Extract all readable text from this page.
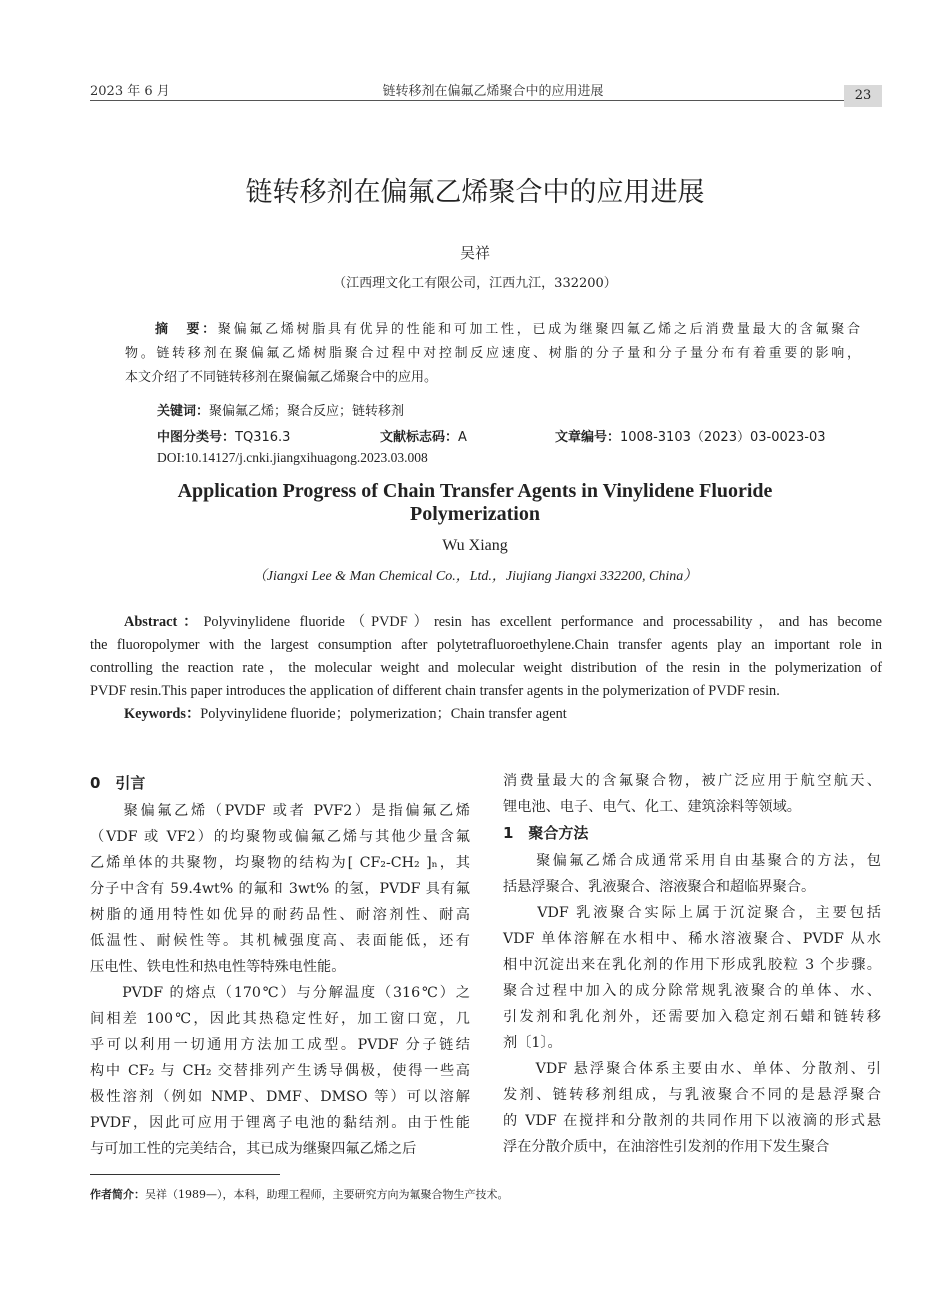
2023 年 6 月	链转移剂在偏氟乙烯聚合中的应用进展	23
链转移剂在偏氟乙烯聚合中的应用进展
吴祥
（江西理文化工有限公司，江西九江，332200）
摘　要：聚偏氟乙烯树脂具有优异的性能和可加工性，已成为继聚四氟乙烯之后消费量最大的含氟聚合
物。链转移剂在聚偏氟乙烯树脂聚合过程中对控制反应速度、树脂的分子量和分子量分布有着重要的影响，
本文介绍了不同链转移剂在聚偏氟乙烯聚合中的应用。
关键词：聚偏氟乙烯；聚合反应；链转移剂
中图分类号：TQ316.3	文献标志码：A	文章编号：1008-3103（2023）03-0023-03
DOI:10.14127/j.cnki.jiangxihuagong.2023.03.008
Application Progress of Chain Transfer Agents in Vinylidene Fluoride
Polymerization
Wu Xiang
（Jiangxi Lee & Man Chemical Co.，Ltd.，Jiujiang Jiangxi 332200, China）
Abstract：Polyvinylidene fluoride（PVDF）resin has excellent performance and processability，and has become
the fluoropolymer with the largest consumption after polytetrafluoroethylene.Chain transfer agents play an important role in
controlling the reaction rate，the molecular weight and molecular weight distribution of the resin in the polymerization of
PVDF resin.This paper introduces the application of different chain transfer agents in the polymerization of PVDF resin.
Keywords：Polyvinylidene fluoride；polymerization；Chain transfer agent
0　引言
　　聚偏氟乙烯（PVDF 或者 PVF2）是指偏氟乙烯
（VDF 或 VF2）的均聚物或偏氟乙烯与其他少量含氟
乙烯单体的共聚物，均聚物的结构为[ CF₂-CH₂ ]ₙ，其
分子中含有 59.4wt% 的氟和 3wt% 的氢，PVDF 具有氟
树脂的通用特性如优异的耐药品性、耐溶剂性、耐高
低温性、耐候性等。其机械强度高、表面能低，还有
压电性、铁电性和热电性等特殊电性能。
　　PVDF 的熔点（170℃）与分解温度（316℃）之
间相差 100℃，因此其热稳定性好，加工窗口宽，几
乎可以利用一切通用方法加工成型。PVDF 分子链结
构中 CF₂ 与 CH₂ 交替排列产生诱导偶极，使得一些高
极性溶剂（例如 NMP、DMF、DMSO 等）可以溶解
PVDF，因此可应用于锂离子电池的黏结剂。由于性能
与可加工性的完美结合，其已成为继聚四氟乙烯之后
消费量最大的含氟聚合物，被广泛应用于航空航天、
锂电池、电子、电气、化工、建筑涂料等领域。
1　聚合方法
　　聚偏氟乙烯合成通常采用自由基聚合的方法，包
括悬浮聚合、乳液聚合、溶液聚合和超临界聚合。
　　VDF 乳液聚合实际上属于沉淀聚合，主要包括
VDF 单体溶解在水相中、稀水溶液聚合、PVDF 从水
相中沉淀出来在乳化剂的作用下形成乳胶粒 3 个步骤。
聚合过程中加入的成分除常规乳液聚合的单体、水、
引发剂和乳化剂外，还需要加入稳定剂石蜡和链转移
剂〔1〕。
　　VDF 悬浮聚合体系主要由水、单体、分散剂、引
发剂、链转移剂组成，与乳液聚合不同的是悬浮聚合
的 VDF 在搅拌和分散剂的共同作用下以液滴的形式悬
浮在分散介质中，在油溶性引发剂的作用下发生聚合
作者简介：吴祥（1989—），本科，助理工程师，主要研究方向为氟聚合物生产技术。
